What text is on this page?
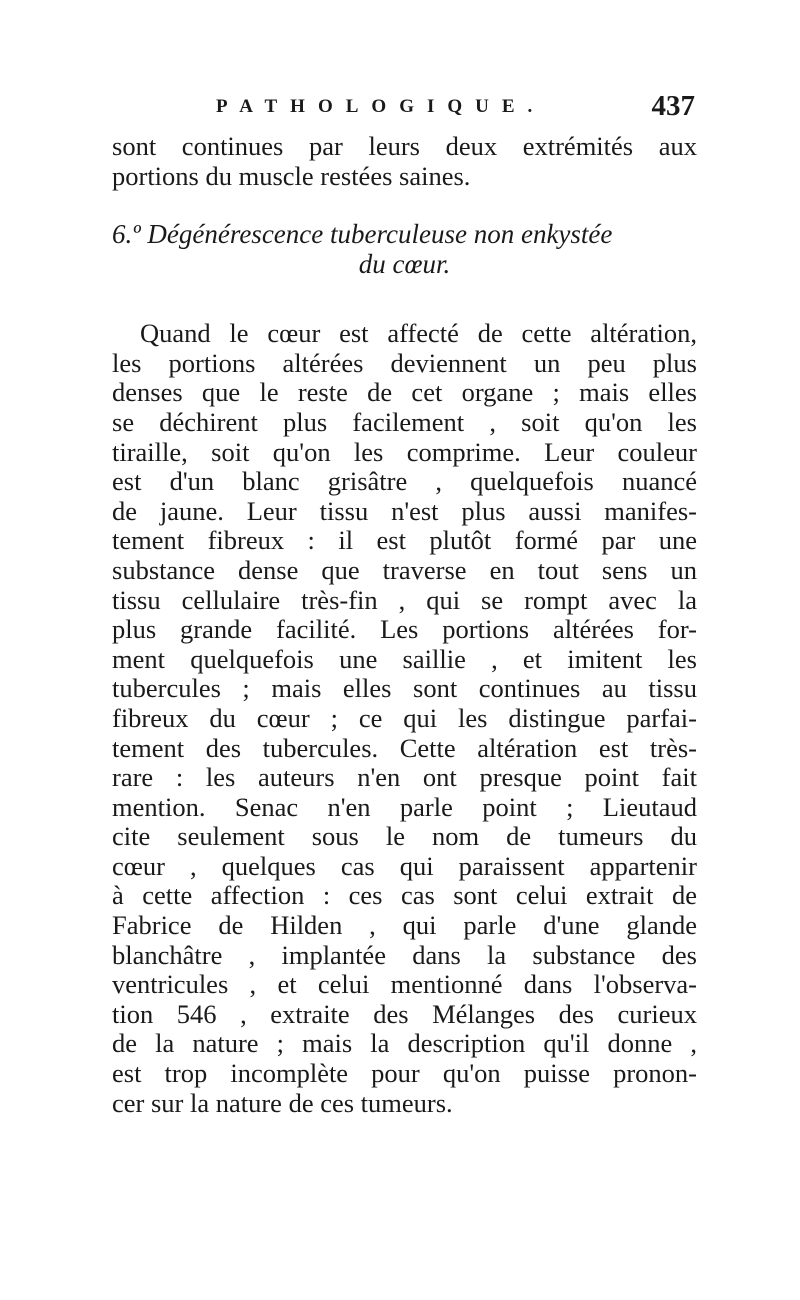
PATHOLOGIQUE.	437
sont continues par leurs deux extrémités aux
portions du muscle restées saines.
6.º Dégénérescence tuberculeuse non enkystée
du cœur.
Quand le cœur est affecté de cette altération,
les portions altérées deviennent un peu plus
denses que le reste de cet organe ; mais elles
se déchirent plus facilement , soit qu'on les
tiraille, soit qu'on les comprime. Leur couleur
est d'un blanc grisâtre , quelquefois nuancé
de jaune. Leur tissu n'est plus aussi manifes-
tement fibreux : il est plutôt formé par une
substance dense que traverse en tout sens un
tissu cellulaire très-fin , qui se rompt avec la
plus grande facilité. Les portions altérées for-
ment quelquefois une saillie , et imitent les
tubercules ; mais elles sont continues au tissu
fibreux du cœur ; ce qui les distingue parfai-
tement des tubercules. Cette altération est très-
rare : les auteurs n'en ont presque point fait
mention. Senac n'en parle point ; Lieutaud
cite seulement sous le nom de tumeurs du
cœur , quelques cas qui paraissent appartenir
à cette affection : ces cas sont celui extrait de
Fabrice de Hilden , qui parle d'une glande
blanchâtre , implantée dans la substance des
ventricules , et celui mentionné dans l'observa-
tion 546 , extraite des Mélanges des curieux
de la nature ; mais la description qu'il donne ,
est trop incomplète pour qu'on puisse pronon-
cer sur la nature de ces tumeurs.
